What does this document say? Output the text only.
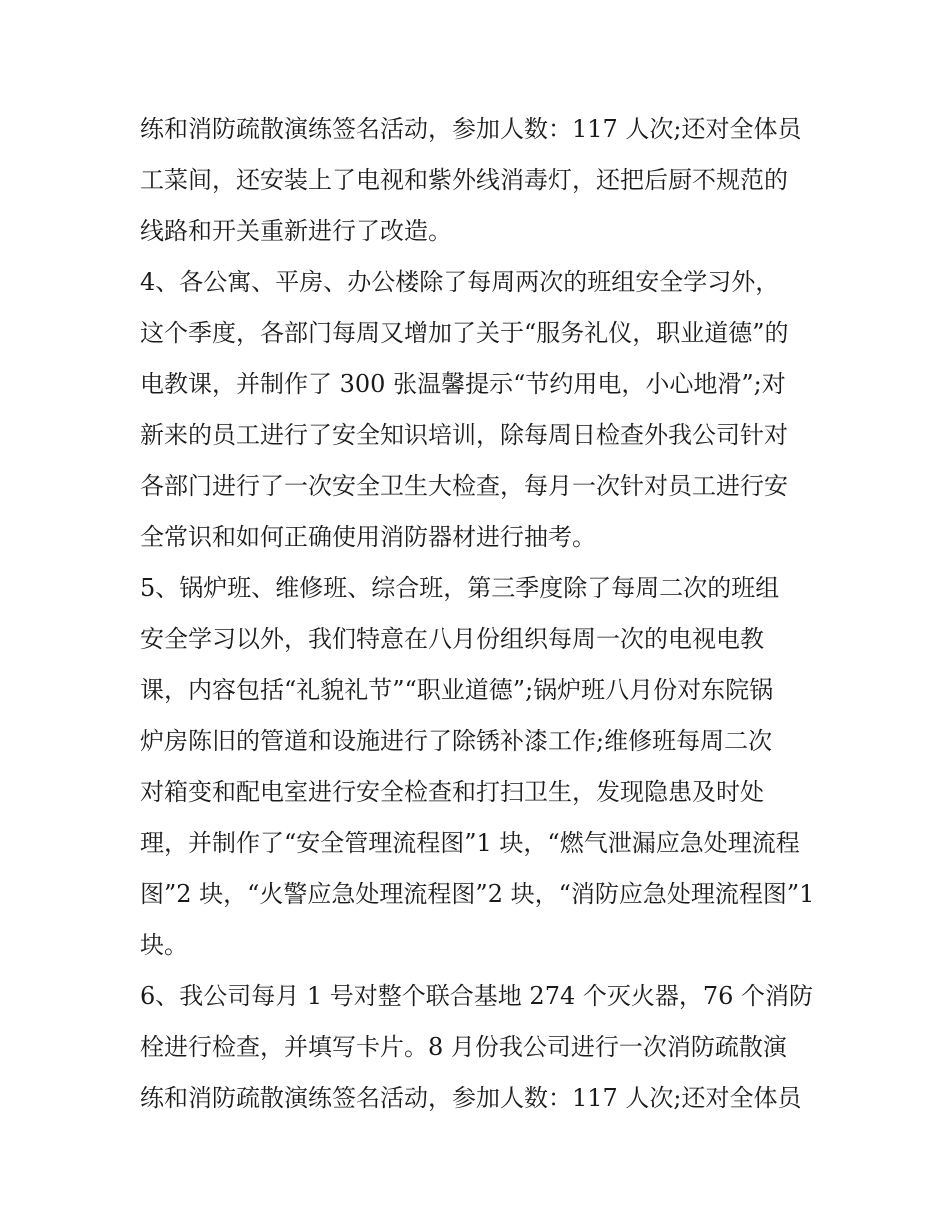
练和消防疏散演练签名活动，参加人数：117 人次;还对全体员
工菜间，还安装上了电视和紫外线消毒灯，还把后厨不规范的
线路和开关重新进行了改造。
4、各公寓、平房、办公楼除了每周两次的班组安全学习外，
这个季度，各部门每周又增加了关于“服务礼仪，职业道德”的
电教课，并制作了 300 张温馨提示“节约用电，小心地滑”;对
新来的员工进行了安全知识培训，除每周日检查外我公司针对
各部门进行了一次安全卫生大检查，每月一次针对员工进行安
全常识和如何正确使用消防器材进行抽考。
5、锅炉班、维修班、综合班，第三季度除了每周二次的班组
安全学习以外，我们特意在八月份组织每周一次的电视电教
课，内容包括“礼貌礼节”“职业道德”;锅炉班八月份对东院锅
炉房陈旧的管道和设施进行了除锈补漆工作;维修班每周二次
对箱变和配电室进行安全检查和打扫卫生，发现隐患及时处
理，并制作了“安全管理流程图”1 块，“燃气泄漏应急处理流程
图”2 块，“火警应急处理流程图”2 块，“消防应急处理流程图”1
块。
6、我公司每月 1 号对整个联合基地 274 个灭火器，76 个消防
栓进行检查，并填写卡片。8 月份我公司进行一次消防疏散演
练和消防疏散演练签名活动，参加人数：117 人次;还对全体员
